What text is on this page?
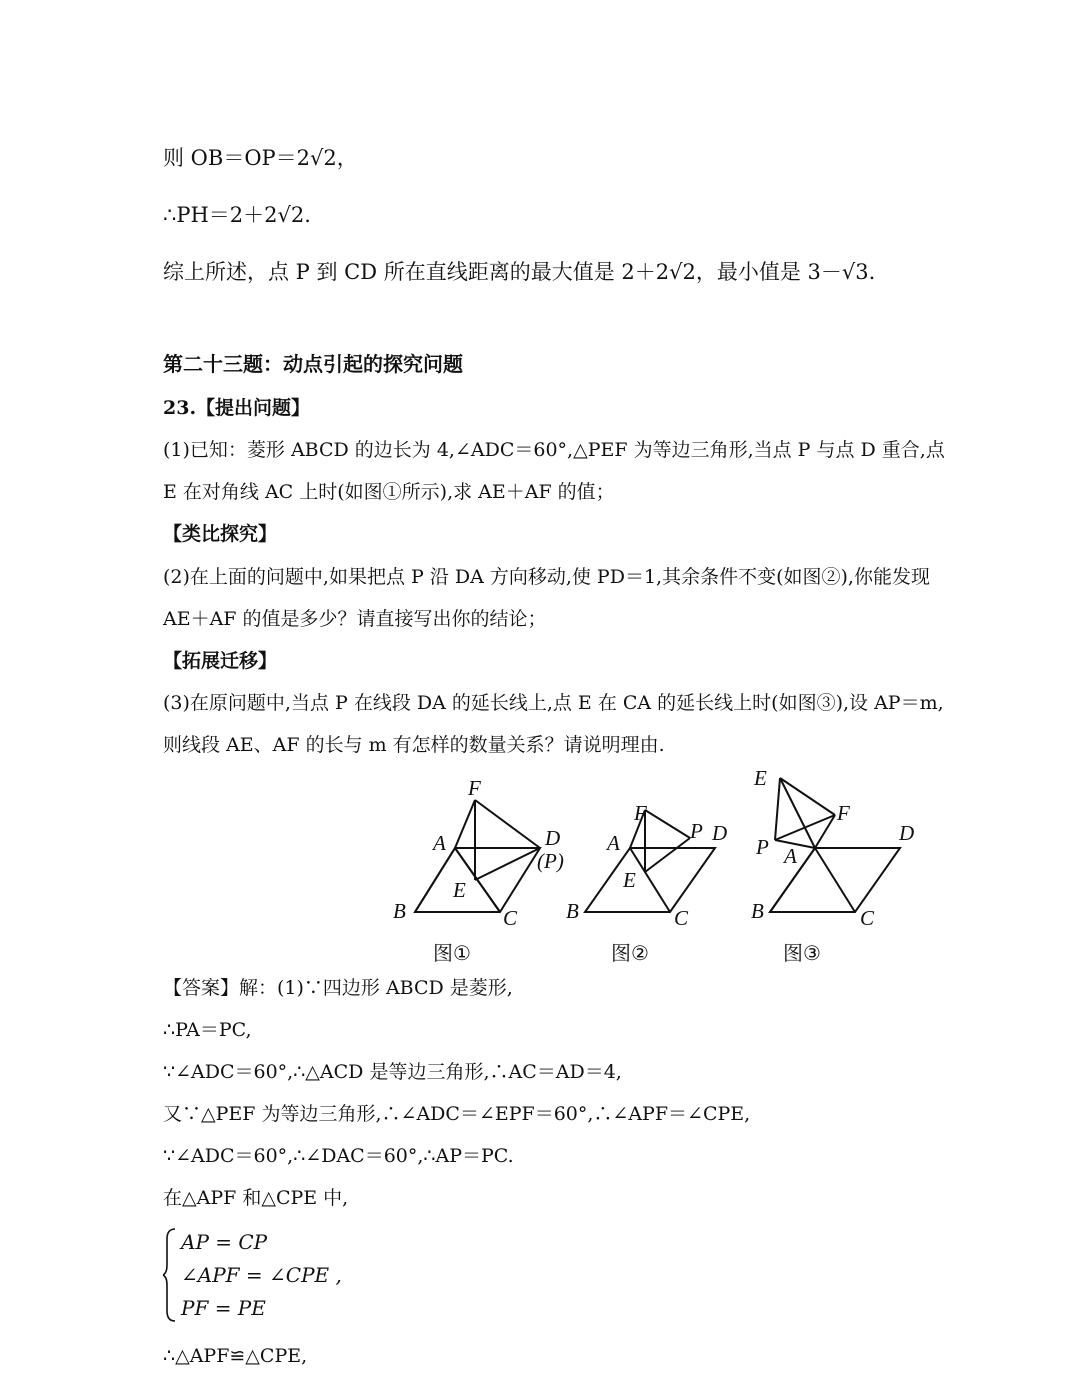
则 OB＝OP＝2√2，
∴PH＝2＋2√2.
综上所述，点 P 到 CD 所在直线距离的最大值是 2＋2√2，最小值是 3－√3.
第二十三题：动点引起的探究问题
23.【提出问题】
(1)已知：菱形 ABCD 的边长为 4,∠ADC＝60°,△PEF 为等边三角形,当点 P 与点 D 重合,点
E 在对角线 AC 上时(如图①所示),求 AE＋AF 的值；
【类比探究】
(2)在上面的问题中,如果把点 P 沿 DA 方向移动,使 PD＝1,其余条件不变(如图②),你能发现
AE＋AF 的值是多少？请直接写出你的结论；
【拓展迁移】
(3)在原问题中,当点 P 在线段 DA 的延长线上,点 E 在 CA 的延长线上时(如图③),设 AP＝m,
则线段 AE、AF 的长与 m 有怎样的数量关系？请说明理由.
F
A	D
(P)
E
B	C
F
A	P D
E
B	C
E
F
P A
D
B	C
图①	图②	图③
【答案】解：(1)∵四边形 ABCD 是菱形,
∴PA＝PC,
∵∠ADC＝60°,∴△ACD 是等边三角形,∴AC＝AD＝4,
又∵△PEF 为等边三角形,∴∠ADC＝∠EPF＝60°,∴∠APF＝∠CPE,
∵∠ADC＝60°,∴∠DAC＝60°,∴AP＝PC.
在△APF 和△CPE 中,
AP = CP
∠APF = ∠CPE ,
PF = PE
∴△APF≌△CPE,
